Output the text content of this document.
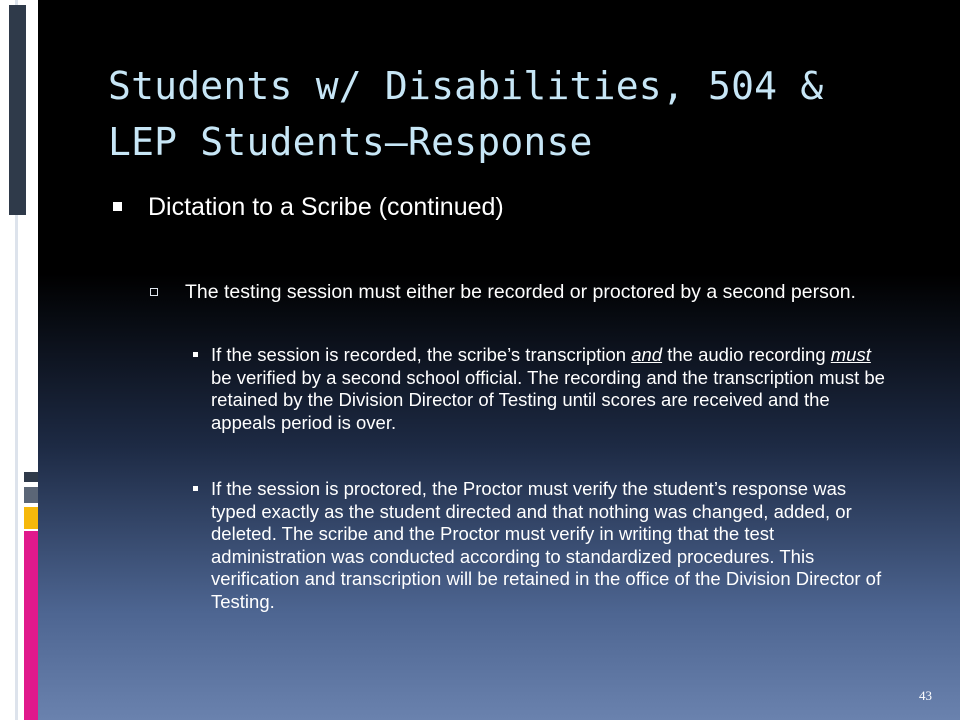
Students w/ Disabilities, 504 &
LEP Students—Response
Dictation to a Scribe (continued)
The testing session must either be recorded or proctored by a second person.
If the session is recorded, the scribe’s transcription and the audio recording must be verified by a second school official. The recording and the transcription must be retained by the Division Director of Testing until scores are received and the appeals period is over.
If the session is proctored, the Proctor must verify the student’s response was typed exactly as the student directed and that nothing was changed, added, or deleted. The scribe and the Proctor must verify in writing that the test administration was conducted according to standardized procedures. This verification and transcription will be retained in the office of the Division Director of Testing.
43
